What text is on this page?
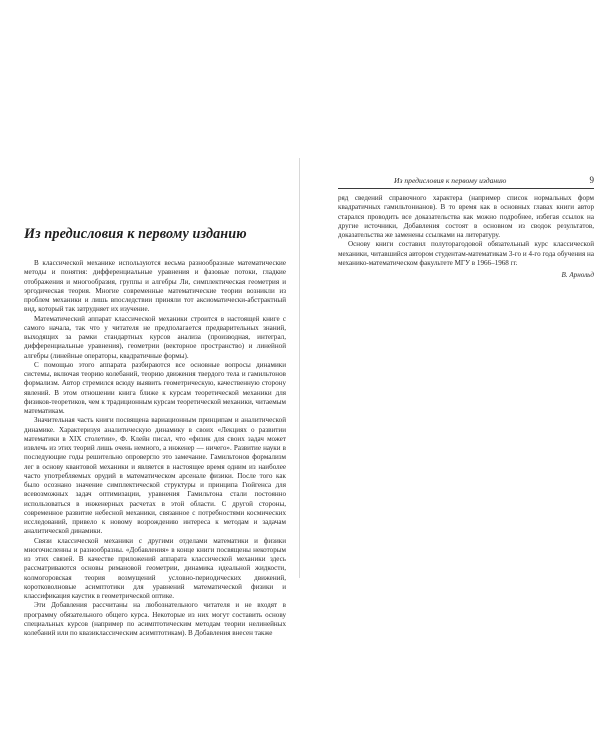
Из предисловия к первому изданию

В классической механике используются весьма разнообразные математические методы и понятия: дифференциальные уравнения и фазовые потоки, гладкие отображения и многообразия, группы и алгебры Ли, симплектическая геометрия и эргодическая теория. Многие современные математические теории возникли из проблем механики и лишь впоследствии приняли тот аксиоматически-абстрактный вид, который так затрудняет их изучение.

Математический аппарат классической механики строится в настоящей книге с самого начала, так что у читателя не предполагается предварительных знаний, выходящих за рамки стандартных курсов анализа (производная, интеграл, дифференциальные уравнения), геометрии (векторное пространство) и линейной алгебры (линейные операторы, квадратичные формы).

С помощью этого аппарата разбираются все основные вопросы динамики системы, включая теорию колебаний, теорию движения твердого тела и гамильтонов формализм. Автор стремился всюду выявить геометрическую, качественную сторону явлений. В этом отношении книга ближе к курсам теоретической механики для физиков-теоретиков, чем к традиционным курсам теоретической механики, читаемым математикам.

Значительная часть книги посвящена вариационным принципам и аналитической динамике. Характеризуя аналитическую динамику в своих «Лекциях о развитии математики в XIX столетии», Ф. Клейн писал, что «физик для своих задач может извлечь из этих теорий лишь очень немного, а инженер — ничего». Развитие науки в последующие годы решительно опровергло это замечание. Гамильтонов формализм лег в основу квантовой механики и является в настоящее время одним из наиболее часто употребляемых орудий в математическом арсенале физики. После того как было осознано значение симплектической структуры и принципа Гюйгенса для всевозможных задач оптимизации, уравнения Гамильтона стали постоянно использоваться в инженерных расчетах в этой области. С другой стороны, современное развитие небесной механики, связанное с потребностями космических исследований, привело к новому возрождению интереса к методам и задачам аналитической динамики.

Связи классической механики с другими отделами математики и физики многочисленны и разнообразны. «Добавления» в конце книги посвящены некоторым из этих связей. В качестве приложений аппарата классической механики здесь рассматриваются основы римановой геометрии, динамика идеальной жидкости, колмогоровская теория возмущений условно-периодических движений, коротковолновые асимптотики для уравнений математической физики и классификация каустик в геометрической оптике.

Эти Добавления рассчитаны на любознательного читателя и не входят в программу обязательного общего курса. Некоторые из них могут составить основу специальных курсов (например по асимптотическим методам теории нелинейных колебаний или по квазиклассическим асимптотикам). В Добавления внесен также

Из предисловия к первому изданию	9

ряд сведений справочного характера (например список нормальных форм квадратичных гамильтонианов). В то время как в основных главах книги автор старался проводить все доказательства как можно подробнее, избегая ссылок на другие источники, Добавления состоят в основном из сводок результатов, доказательства же заменены ссылками на литературу.

Основу книги составил полуторагодовой обязательный курс классической механики, читавшийся автором студентам-математикам 3-го и 4-го года обучения на механико-математическом факультете МГУ в 1966–1968 гг.

В. Арнольд
